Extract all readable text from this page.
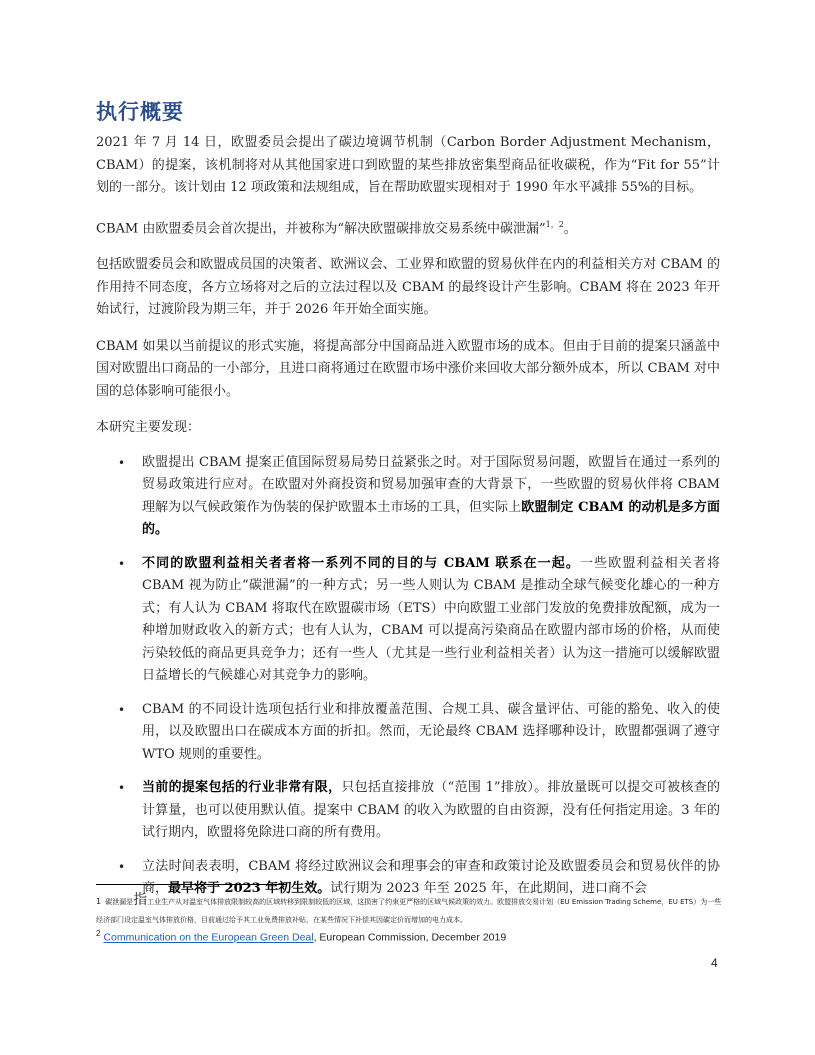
执行概要

2021 年 7 月 14 日，欧盟委员会提出了碳边境调节机制（Carbon Border Adjustment Mechanism，CBAM）的提案，该机制将对从其他国家进口到欧盟的某些排放密集型商品征收碳税，作为“Fit for 55”计划的一部分。该计划由 12 项政策和法规组成，旨在帮助欧盟实现相对于 1990 年水平减排 55%的目标。

CBAM 由欧盟委员会首次提出，并被称为“解决欧盟碳排放交易系统中碳泄漏”$^{1,2}$。

包括欧盟委员会和欧盟成员国的决策者、欧洲议会、工业界和欧盟的贸易伙伴在内的利益相关方对 CBAM 的作用持不同态度，各方立场将对之后的立法过程以及 CBAM 的最终设计产生影响。CBAM 将在 2023 年开始试行，过渡阶段为期三年，并于 2026 年开始全面实施。

CBAM 如果以当前提议的形式实施，将提高部分中国商品进入欧盟市场的成本。但由于目前的提案只涵盖中国对欧盟出口商品的一小部分，且进口商将通过在欧盟市场中涨价来回收大部分额外成本，所以 CBAM 对中国的总体影响可能很小。

本研究主要发现：

• 欧盟提出 CBAM 提案正值国际贸易局势日益紧张之时。对于国际贸易问题，欧盟旨在通过一系列的贸易政策进行应对。在欧盟对外商投资和贸易加强审查的大背景下，一些欧盟的贸易伙伴将 CBAM 理解为以气候政策作为伪装的保护欧盟本土市场的工具，但实际上欧盟制定 CBAM 的动机是多方面的。
• 不同的欧盟利益相关者者将一系列不同的目的与 CBAM 联系在一起。一些欧盟利益相关者将 CBAM 视为防止“碳泄漏”的一种方式；另一些人则认为 CBAM 是推动全球气候变化雄心的一种方式；有人认为 CBAM 将取代在欧盟碳市场（ETS）中向欧盟工业部门发放的免费排放配额，成为一种增加财政收入的新方式；也有人认为，CBAM 可以提高污染商品在欧盟内部市场的价格，从而使污染较低的商品更具竞争力；还有一些人（尤其是一些行业利益相关者）认为这一措施可以缓解欧盟日益增长的气候雄心对其竞争力的影响。
• CBAM 的不同设计选项包括行业和排放覆盖范围、合规工具、碳含量评估、可能的豁免、收入的使用，以及欧盟出口在碳成本方面的折扣。然而，无论最终 CBAM 选择哪种设计，欧盟都强调了遵守 WTO 规则的重要性。
• 当前的提案包括的行业非常有限，只包括直接排放（“范围 1”排放）。排放量既可以提交可被核查的计算量，也可以使用默认值。提案中 CBAM 的收入为欧盟的自由资源，没有任何指定用途。3 年的试行期内，欧盟将免除进口商的所有费用。
• 立法时间表表明，CBAM 将经过欧洲议会和理事会的审查和政策讨论及欧盟委员会和贸易伙伴的协商，最早将于 2023 年初生效。试行期为 2023 年至 2025 年，在此期间，进口商不会
1 碳泄漏是指工业生产从对温室气体排放限制较高的区域转移到限制较低的区域，这损害了约束更严格的区域气候政策的效力。欧盟排放交易计划（EU Emission Trading Scheme，EU ETS）为一些经济部门设定温室气体排放价格，目前通过给予其工业免费排放补贴，在某些情况下补偿其因碳定价而增加的电力成本。
$^2$ Communication on the European Green Deal, European Commission, December 2019
4
